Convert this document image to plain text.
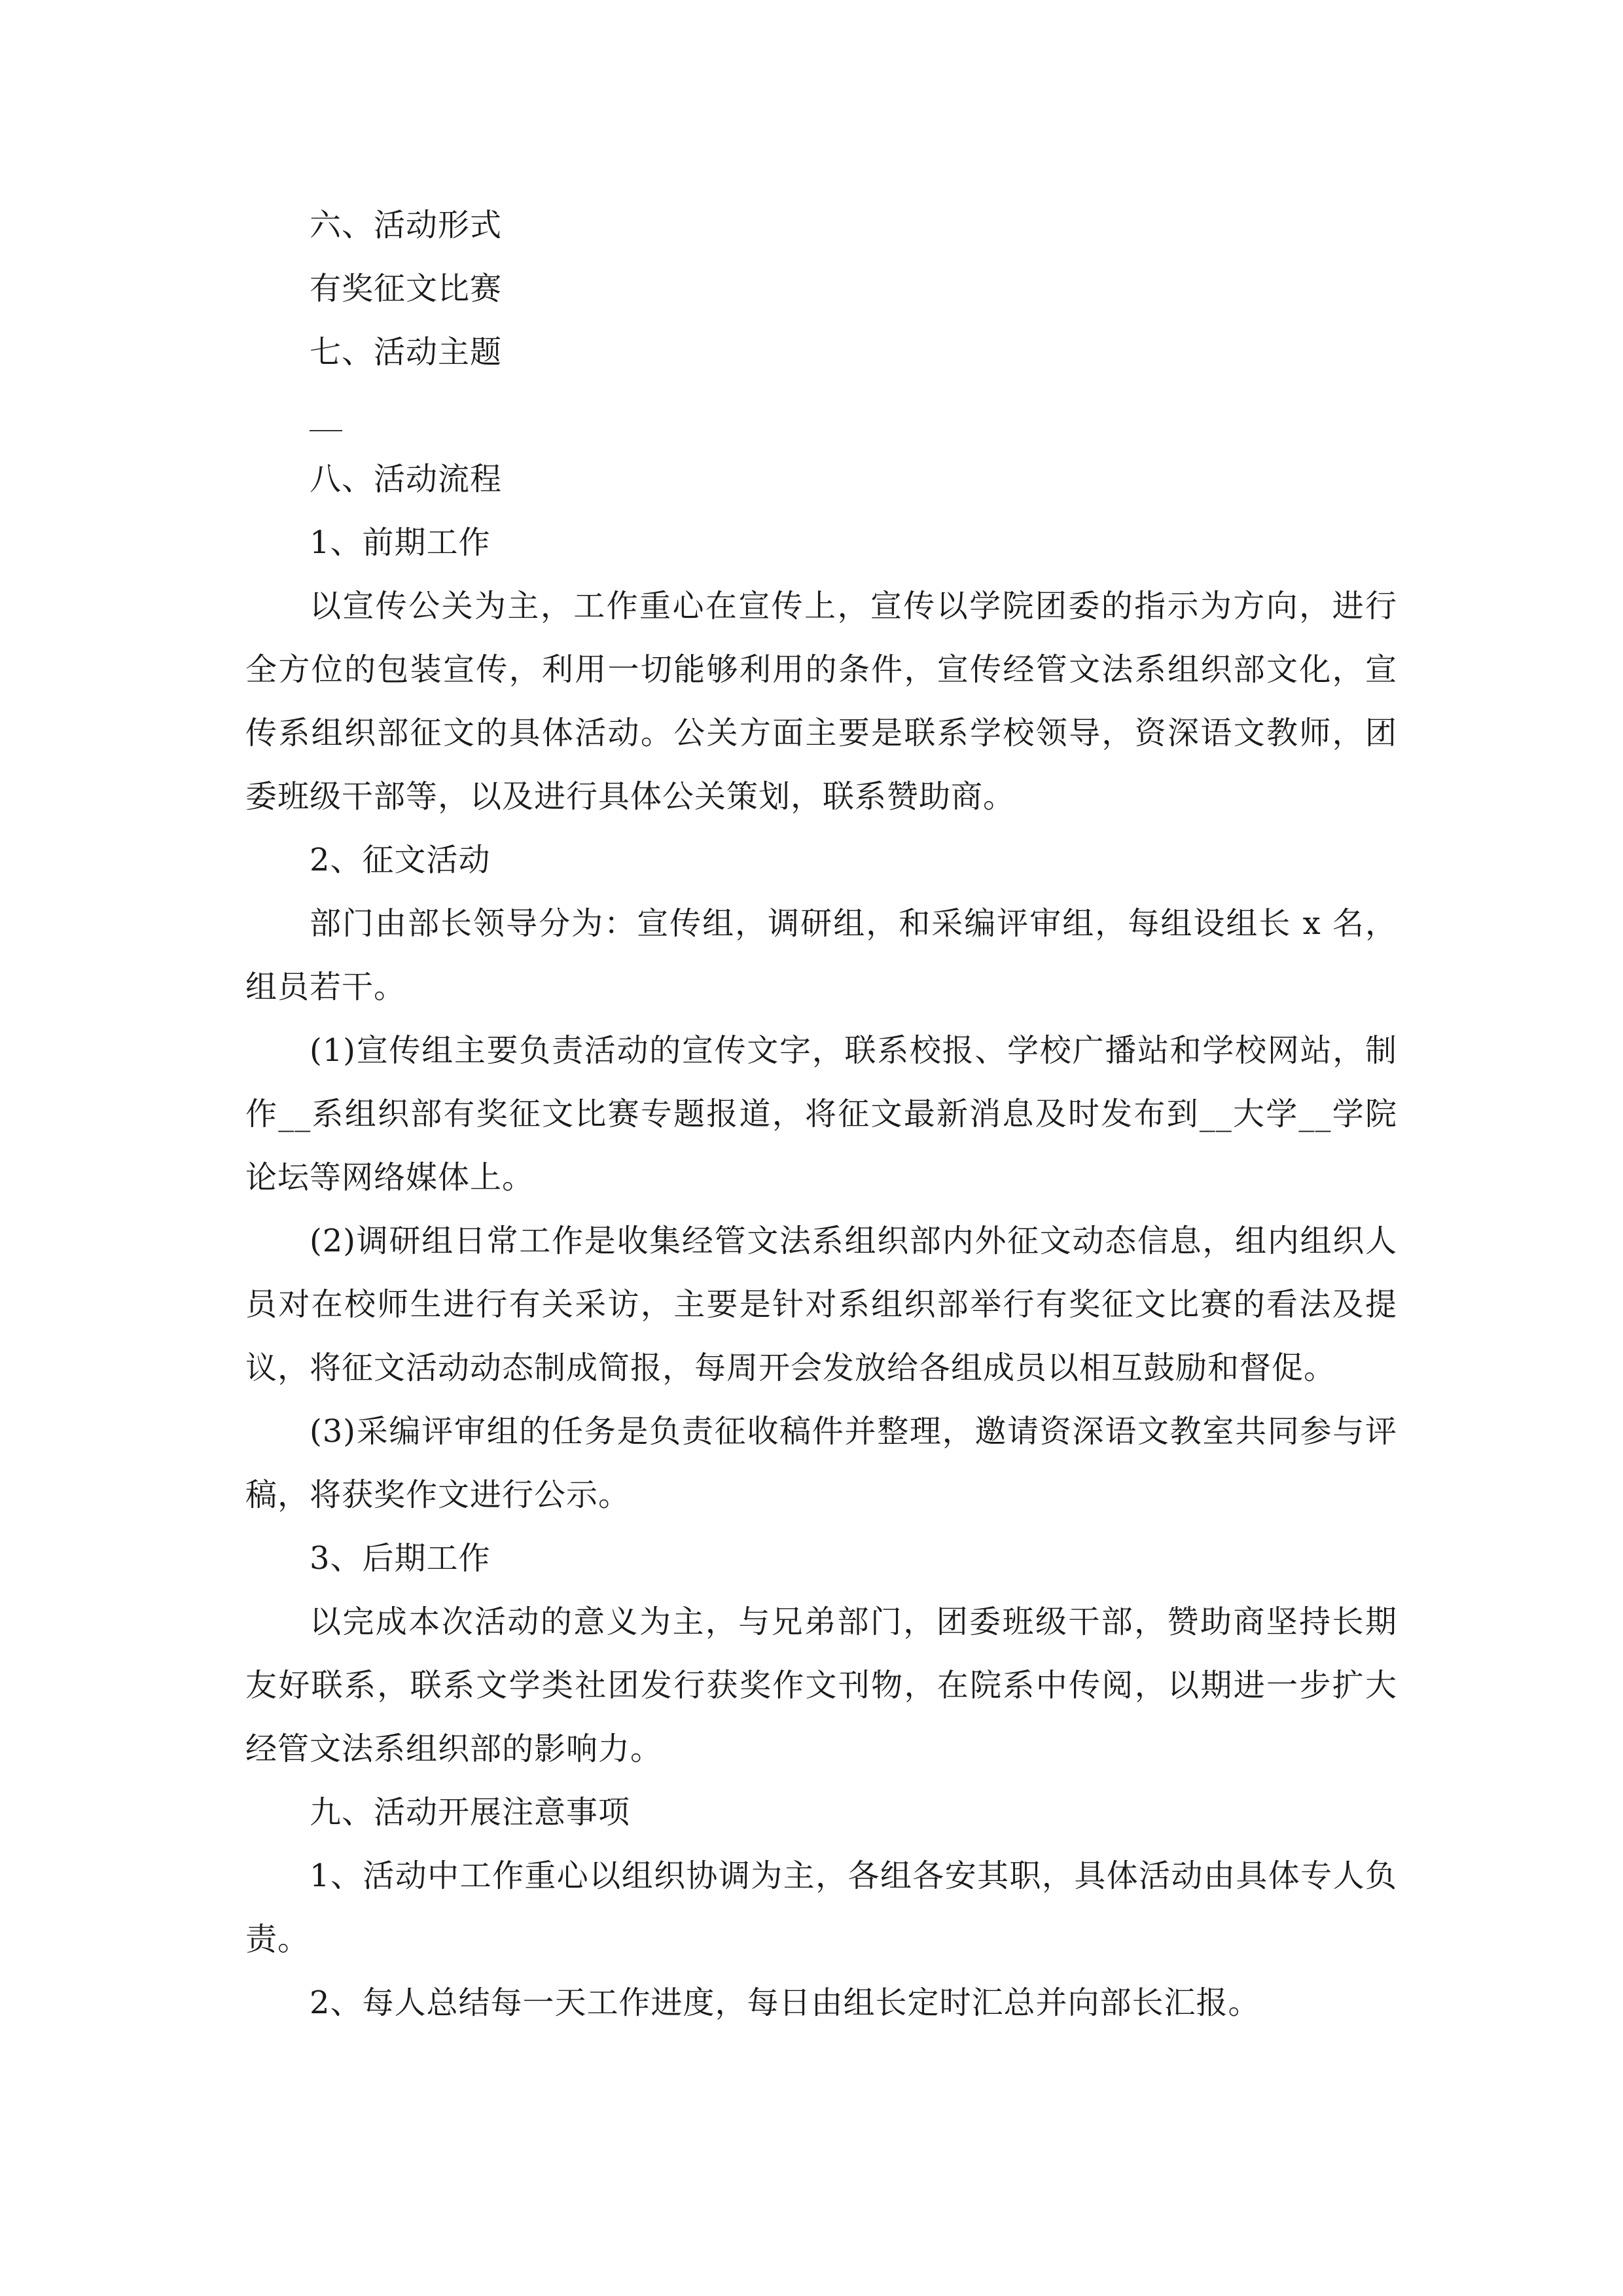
六、活动形式

有奖征文比赛

七、活动主题

八、活动流程

1、前期工作

以宣传公关为主，工作重心在宣传上，宣传以学院团委的指示为方向，进行全方位的包装宣传，利用一切能够利用的条件，宣传经管文法系组织部文化，宣传系组织部征文的具体活动。公关方面主要是联系学校领导，资深语文教师，团委班级干部等，以及进行具体公关策划，联系赞助商。

2、征文活动

部门由部长领导分为：宣传组，调研组，和采编评审组，每组设组长 x 名，组员若干。

(1)宣传组主要负责活动的宣传文字，联系校报、学校广播站和学校网站，制作__系组织部有奖征文比赛专题报道，将征文最新消息及时发布到__大学__学院论坛等网络媒体上。

(2)调研组日常工作是收集经管文法系组织部内外征文动态信息，组内组织人员对在校师生进行有关采访，主要是针对系组织部举行有奖征文比赛的看法及提议，将征文活动动态制成简报，每周开会发放给各组成员以相互鼓励和督促。

(3)采编评审组的任务是负责征收稿件并整理，邀请资深语文教室共同参与评稿，将获奖作文进行公示。

3、后期工作

以完成本次活动的意义为主，与兄弟部门，团委班级干部，赞助商坚持长期友好联系，联系文学类社团发行获奖作文刊物，在院系中传阅，以期进一步扩大经管文法系组织部的影响力。

九、活动开展注意事项

1、活动中工作重心以组织协调为主，各组各安其职，具体活动由具体专人负责。

2、每人总结每一天工作进度，每日由组长定时汇总并向部长汇报。
